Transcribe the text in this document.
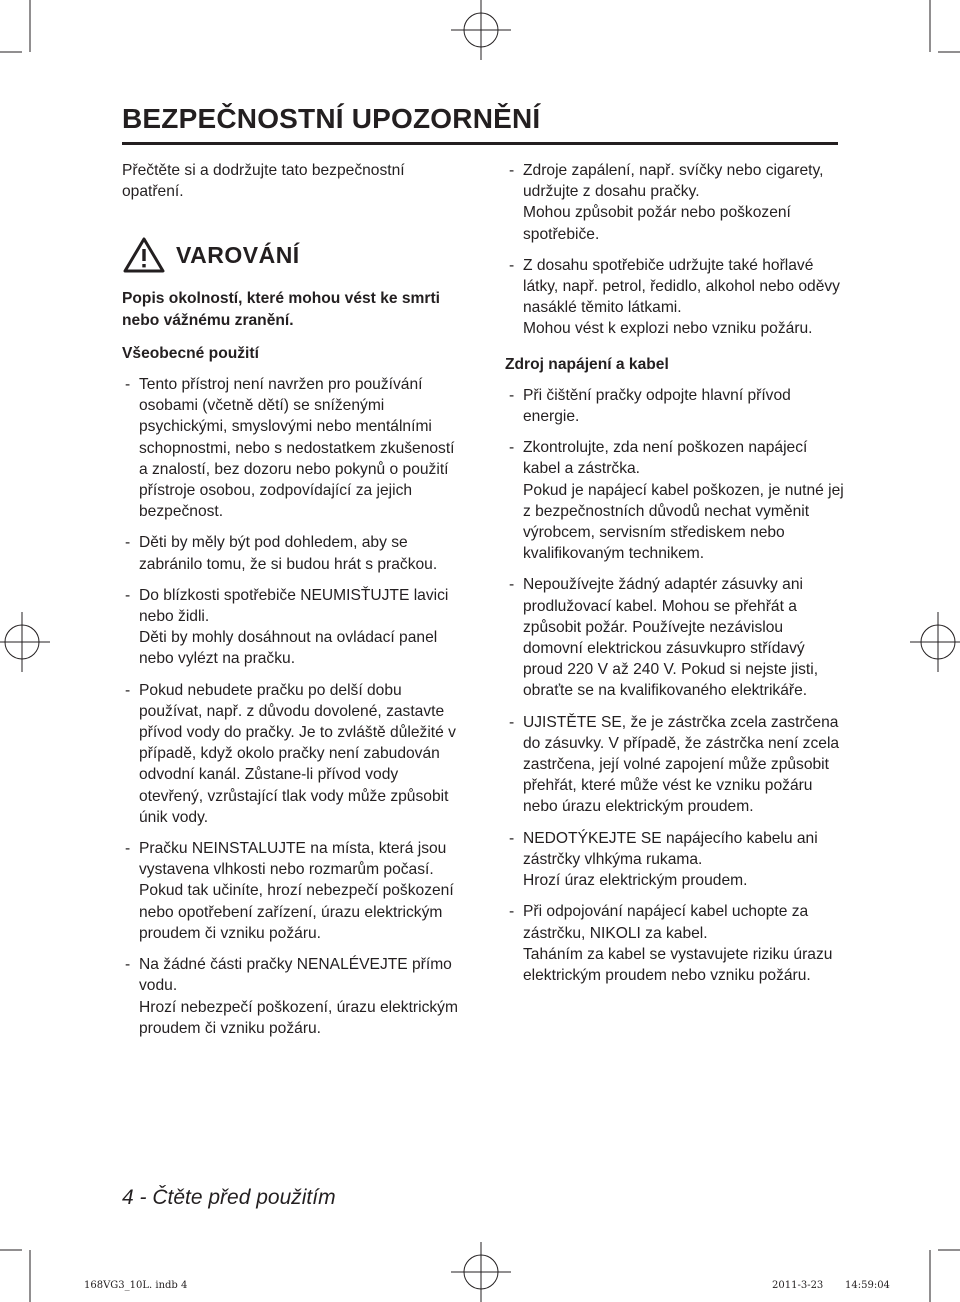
BEZPEČNOSTNÍ UPOZORNĚNÍ

Přečtěte si a dodržujte tato bezpečnostní opatření.

VAROVÁNÍ

Popis okolností, které mohou vést ke smrti nebo vážnému zranění.

Všeobecné použití

- Tento přístroj není navržen pro používání osobami (včetně dětí) se sníženými psychickými, smyslovými nebo mentálními schopnostmi, nebo s nedostatkem zkušeností a znalostí, bez dozoru nebo pokynů o použití přístroje osobou, zodpovídající za jejich bezpečnost.
- Děti by měly být pod dohledem, aby se zabránilo tomu, že si budou hrát s pračkou.
- Do blízkosti spotřebiče NEUMISŤUJTE lavici nebo židli.
Děti by mohly dosáhnout na ovládací panel nebo vylézt na pračku.
- Pokud nebudete pračku po delší dobu používat, např. z důvodu dovolené, zastavte přívod vody do pračky. Je to zvláště důležité v případě, když okolo pračky není zabudován odvodní kanál. Zůstane-li přívod vody otevřený, vzrůstající tlak vody může způsobit únik vody.
- Pračku NEINSTALUJTE na místa, která jsou vystavena vlhkosti nebo rozmarům počasí.
Pokud tak učiníte, hrozí nebezpečí poškození nebo opotřebení zařízení, úrazu elektrickým proudem či vzniku požáru.
- Na žádné části pračky NENALÉVEJTE přímo vodu.
Hrozí nebezpečí poškození, úrazu elektrickým proudem či vzniku požáru.
- Zdroje zapálení, např. svíčky nebo cigarety, udržujte z dosahu pračky.
Mohou způsobit požár nebo poškození spotřebiče.
- Z dosahu spotřebiče udržujte také hořlavé látky, např. petrol, ředidlo, alkohol nebo oděvy nasáklé těmito látkami.
Mohou vést k explozi nebo vzniku požáru.

Zdroj napájení a kabel

- Při čištění pračky odpojte hlavní přívod energie.
- Zkontrolujte, zda není poškozen napájecí kabel a zástrčka.
Pokud je napájecí kabel poškozen, je nutné jej z bezpečnostních důvodů nechat vyměnit výrobcem, servisním střediskem nebo kvalifikovaným technikem.
- Nepoužívejte žádný adaptér zásuvky ani prodlužovací kabel. Mohou se přehřát a způsobit požár. Používejte nezávislou domovní elektrickou zásuvkupro střídavý proud 220 V až 240 V. Pokud si nejste jisti, obraťte se na kvalifikovaného elektrikáře.
- UJISTĚTE SE, že je zástrčka zcela zastrčena do zásuvky. V případě, že zástrčka není zcela zastrčena, její volné zapojení může způsobit přehřát, které může vést ke vzniku požáru nebo úrazu elektrickým proudem.
- NEDOTÝKEJTE SE napájecího kabelu ani zástrčky vlhkýma rukama.
Hrozí úraz elektrickým proudem.
- Při odpojování napájecí kabel uchopte za zástrčku, NIKOLI za kabel.
Taháním za kabel se vystavujete riziku úrazu elektrickým proudem nebo vzniku požáru.
4 - Čtěte před použitím
168VG3_10L. indb 4	2011-3-23 14:59:04
